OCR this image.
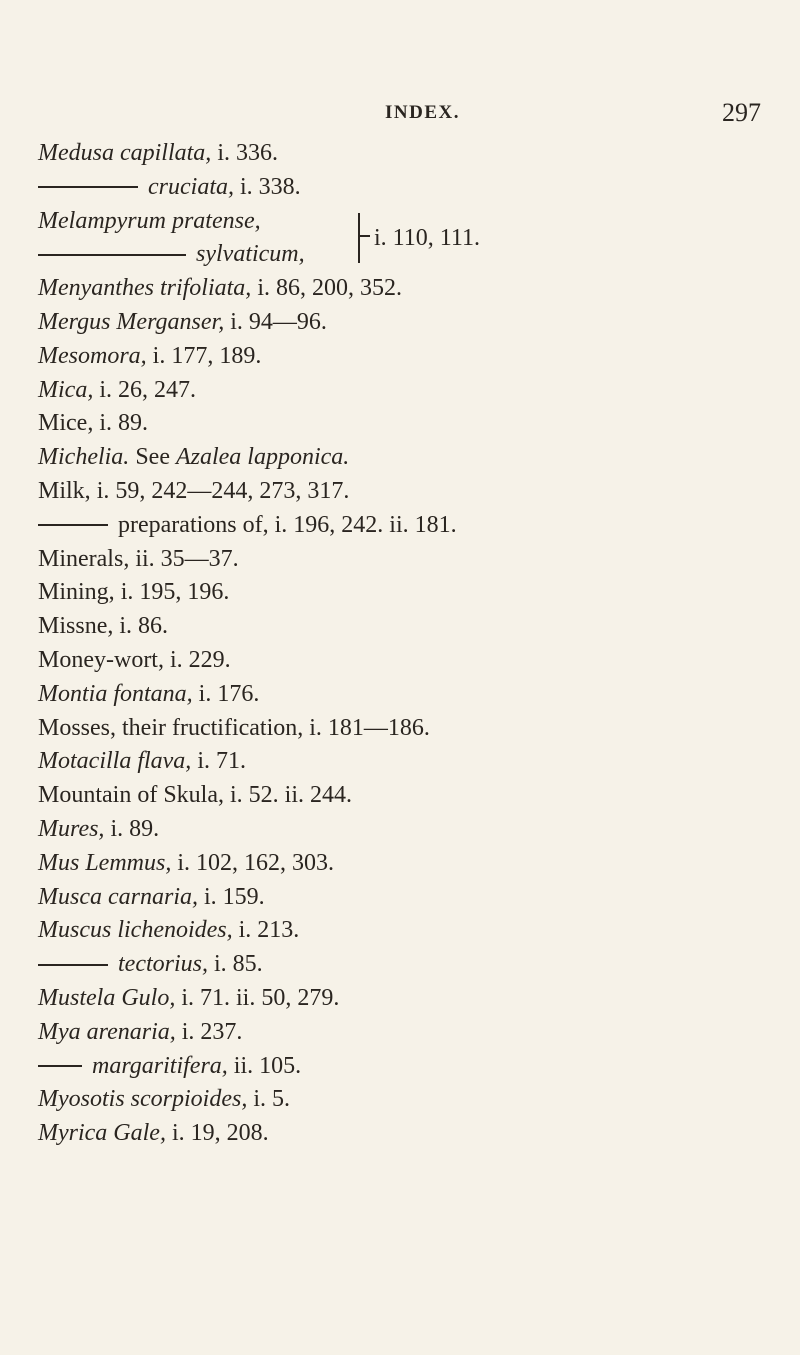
INDEX.	297
Medusa capillata, i. 336.
cruciata, i. 338.
Melampyrum pratense,
sylvaticum,
i. 110, 111.
Menyanthes trifoliata, i. 86, 200, 352.
Mergus Merganser, i. 94—96.
Mesomora, i. 177, 189.
Mica, i. 26, 247.
Mice, i. 89.
Michelia. See Azalea lapponica.
Milk, i. 59, 242—244, 273, 317.
preparations of, i. 196, 242. ii. 181.
Minerals, ii. 35—37.
Mining, i. 195, 196.
Missne, i. 86.
Money-wort, i. 229.
Montia fontana, i. 176.
Mosses, their fructification, i. 181—186.
Motacilla flava, i. 71.
Mountain of Skula, i. 52. ii. 244.
Mures, i. 89.
Mus Lemmus, i. 102, 162, 303.
Musca carnaria, i. 159.
Muscus lichenoides, i. 213.
tectorius, i. 85.
Mustela Gulo, i. 71. ii. 50, 279.
Mya arenaria, i. 237.
margaritifera, ii. 105.
Myosotis scorpioides, i. 5.
Myrica Gale, i. 19, 208.
